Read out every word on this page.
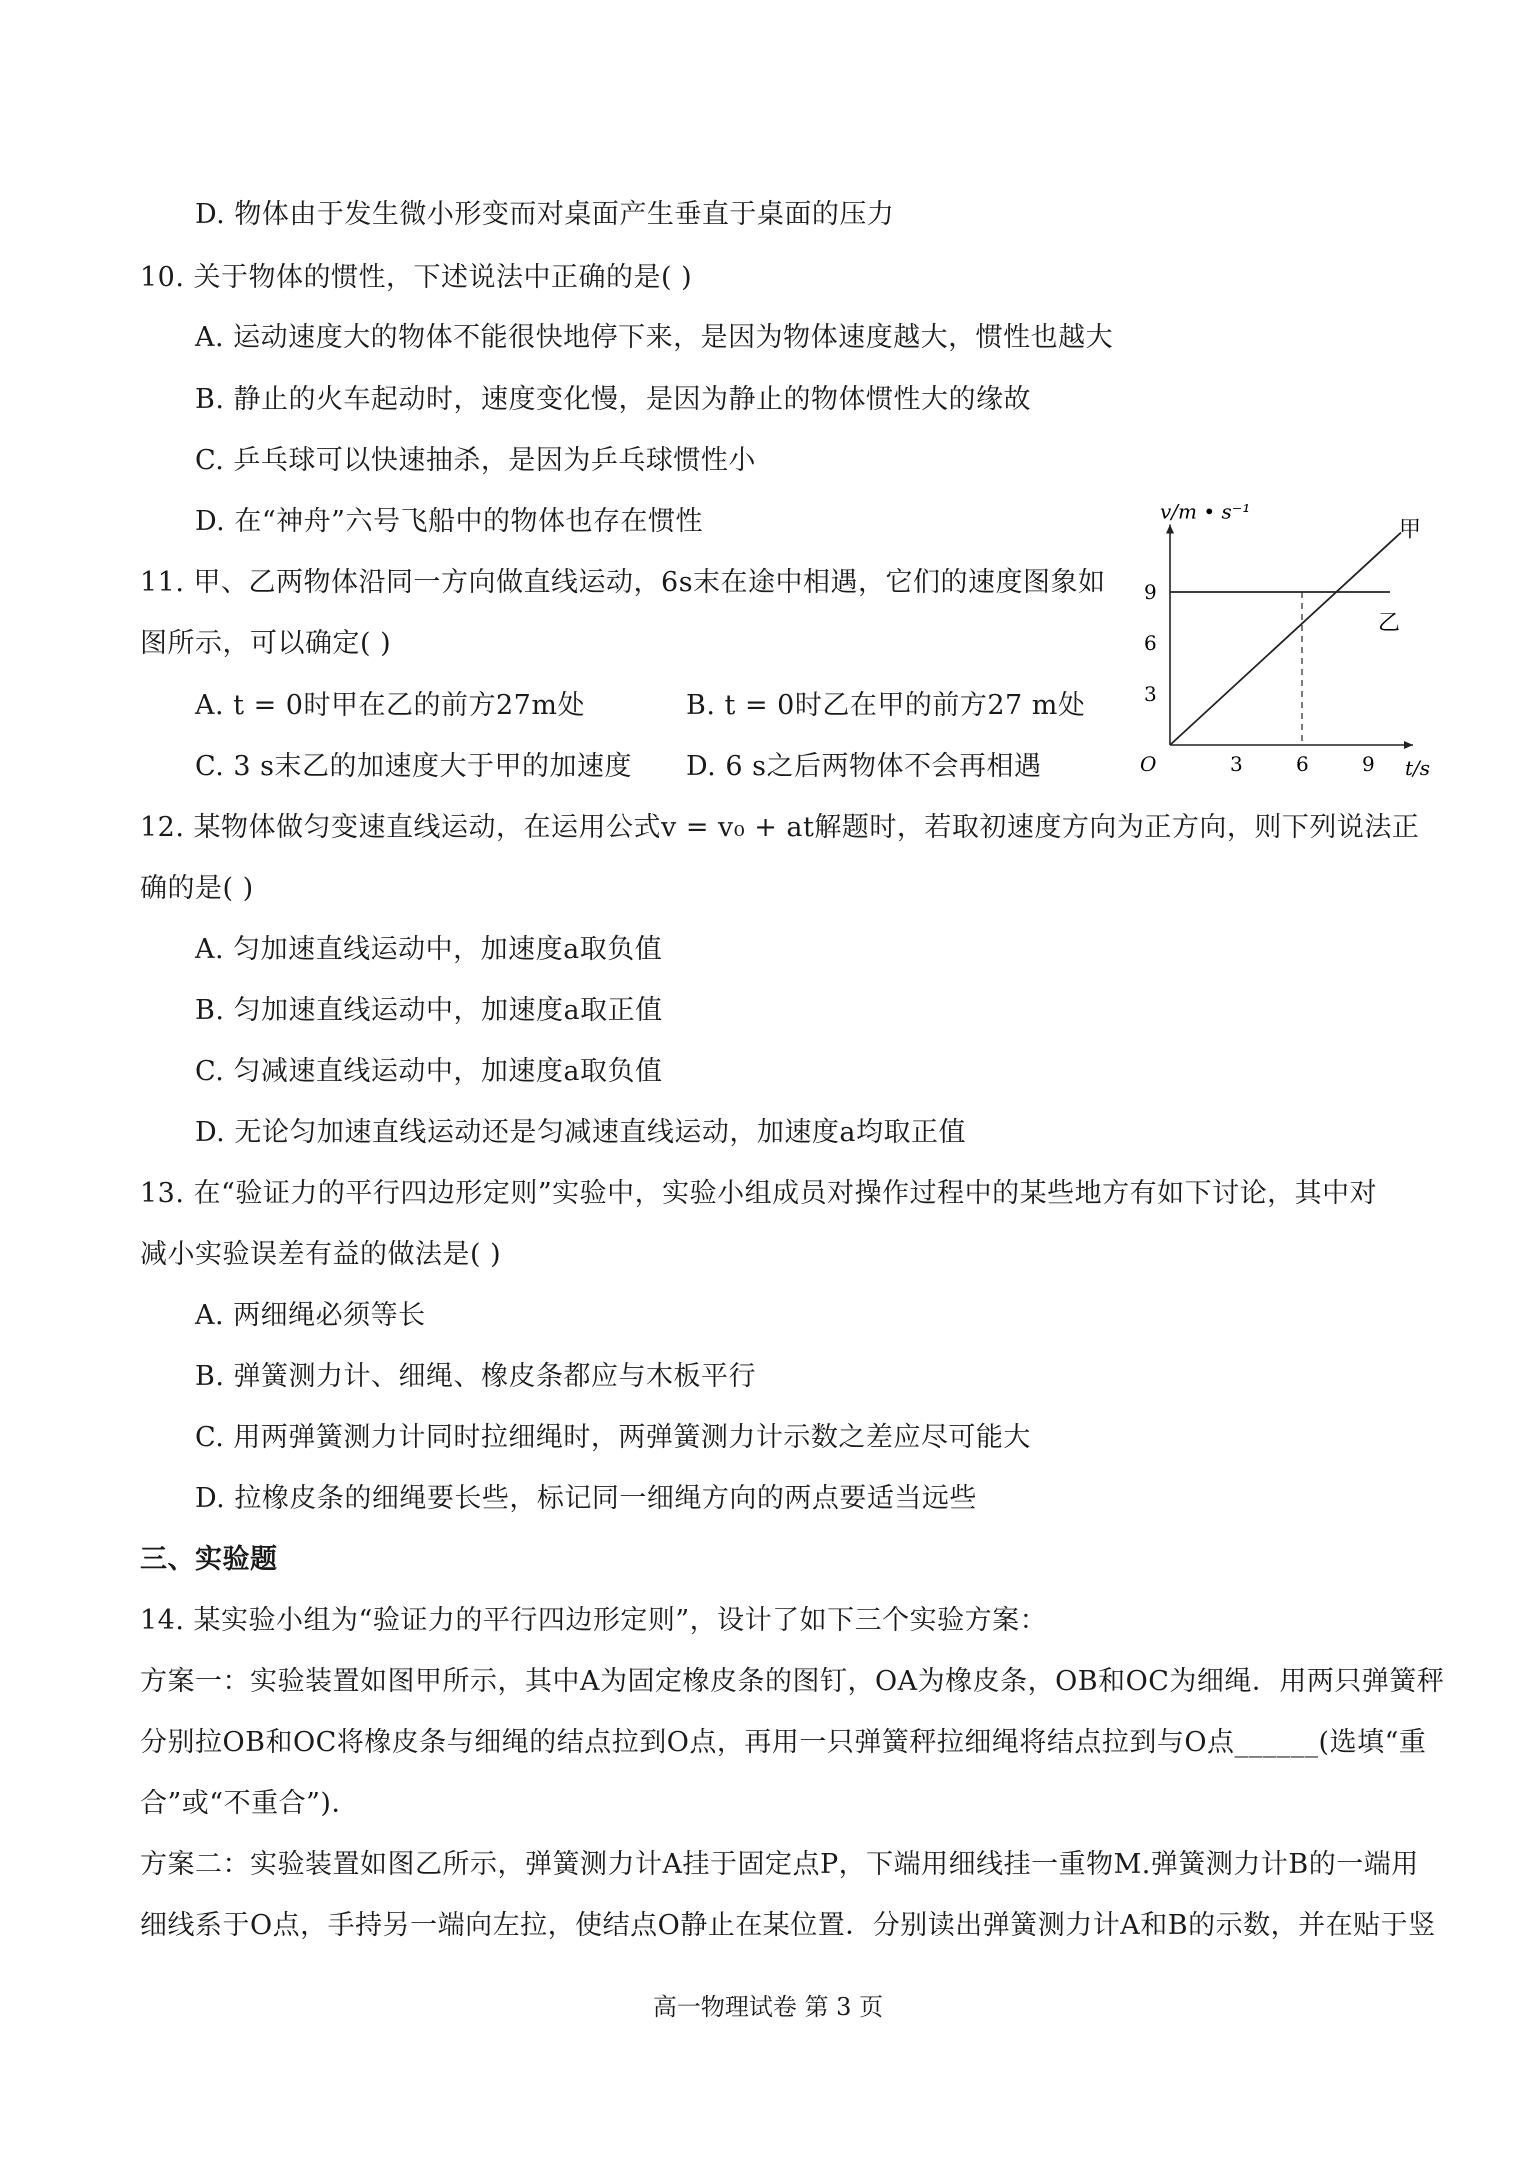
D. 物体由于发生微小形变而对桌面产生垂直于桌面的压力
10. 关于物体的惯性，下述说法中正确的是( )
A. 运动速度大的物体不能很快地停下来，是因为物体速度越大，惯性也越大
B. 静止的火车起动时，速度变化慢，是因为静止的物体惯性大的缘故
C. 乒乓球可以快速抽杀，是因为乒乓球惯性小
D. 在“神舟”六号飞船中的物体也存在惯性
11. 甲、乙两物体沿同一方向做直线运动，6s末在途中相遇，它们的速度图象如
图所示，可以确定( )
A. t = 0时甲在乙的前方27m处	B. t = 0时乙在甲的前方27 m处
C. 3 s末乙的加速度大于甲的加速度 D. 6 s之后两物体不会再相遇
v/m • s⁻¹
t/s
O	3	6	9
3
6
9
甲
乙
12. 某物体做匀变速直线运动，在运用公式v = v₀ + at解题时，若取初速度方向为正方向，则下列说法正
确的是( )
A. 匀加速直线运动中，加速度a取负值
B. 匀加速直线运动中，加速度a取正值
C. 匀减速直线运动中，加速度a取负值
D. 无论匀加速直线运动还是匀减速直线运动，加速度a均取正值
13. 在“验证力的平行四边形定则”实验中，实验小组成员对操作过程中的某些地方有如下讨论，其中对
减小实验误差有益的做法是( )
A. 两细绳必须等长
B. 弹簧测力计、细绳、橡皮条都应与木板平行
C. 用两弹簧测力计同时拉细绳时，两弹簧测力计示数之差应尽可能大
D. 拉橡皮条的细绳要长些，标记同一细绳方向的两点要适当远些
三、实验题
14. 某实验小组为“验证力的平行四边形定则”，设计了如下三个实验方案：
方案一：实验装置如图甲所示，其中A为固定橡皮条的图钉，OA为橡皮条，OB和OC为细绳．用两只弹簧秤
分别拉OB和OC将橡皮条与细绳的结点拉到O点，再用一只弹簧秤拉细绳将结点拉到与O点______(选填“重
合”或“不重合”)．
方案二：实验装置如图乙所示，弹簧测力计A挂于固定点P，下端用细线挂一重物M.弹簧测力计B的一端用
细线系于O点，手持另一端向左拉，使结点O静止在某位置．分别读出弹簧测力计A和B的示数，并在贴于竖
高一物理试卷 第 3 页
